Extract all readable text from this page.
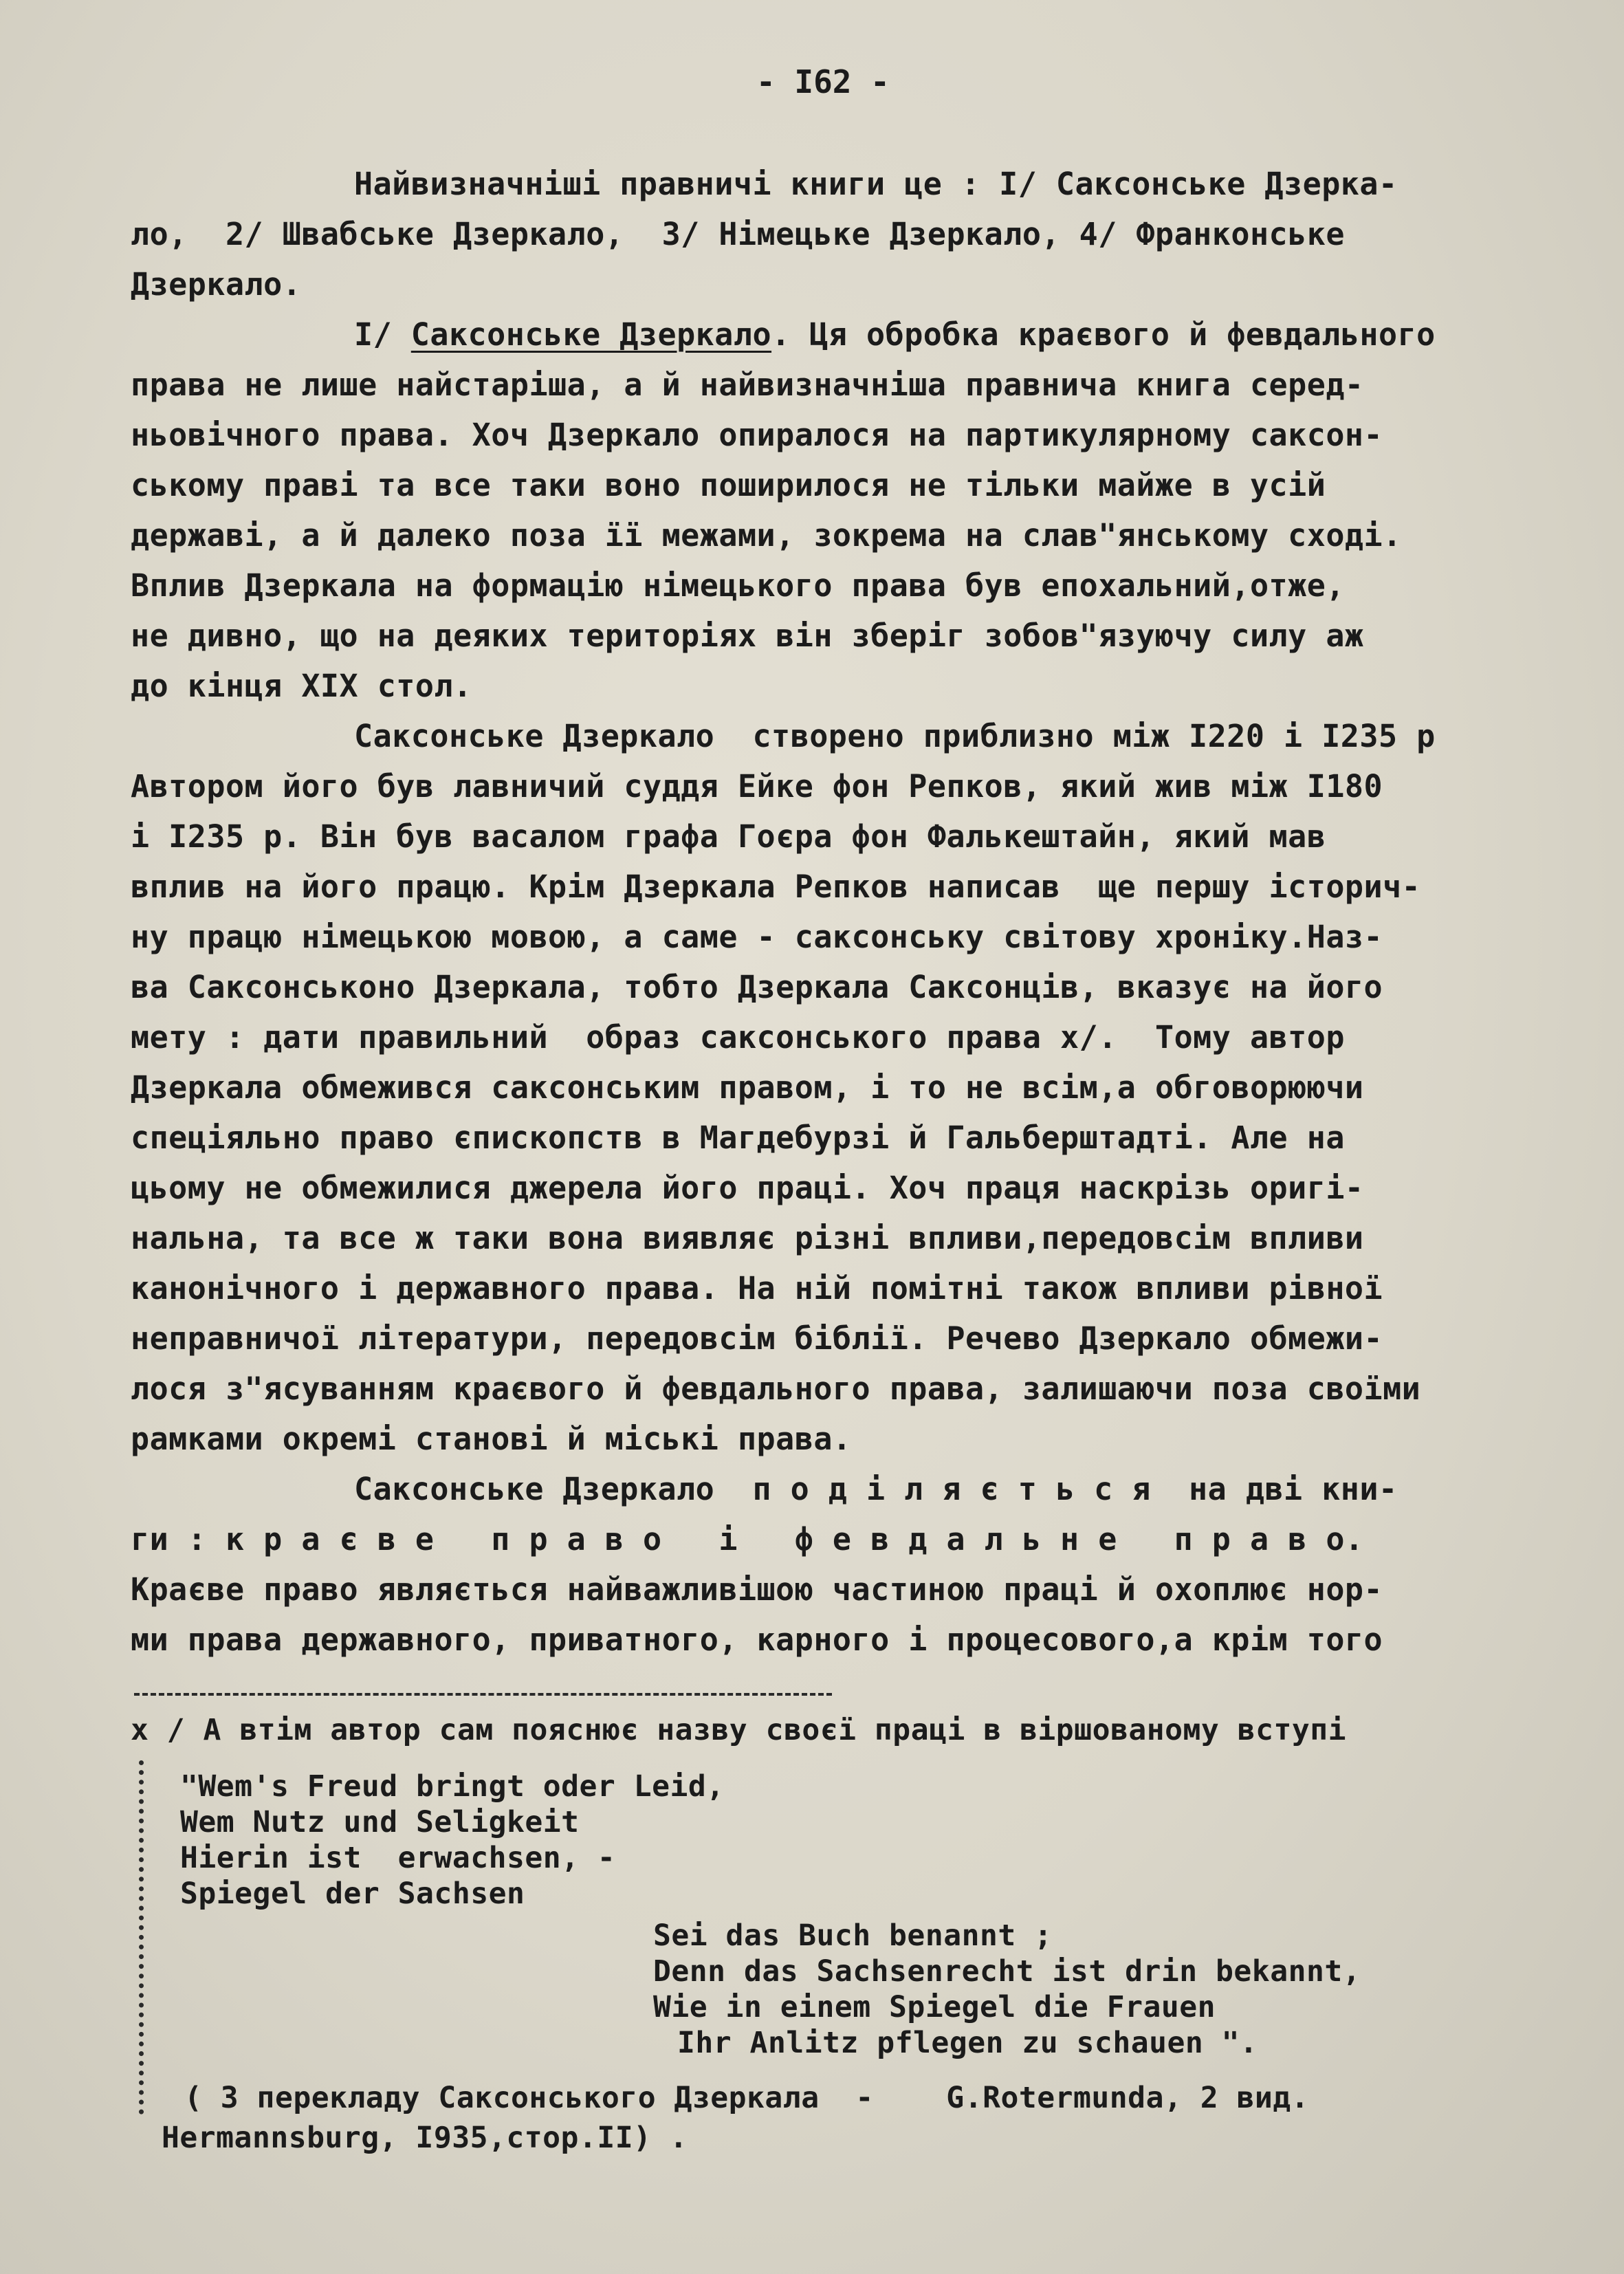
- I62 -
Найвизначніші правничі книги це : I/ Саксонське Дзерка-
ло,  2/ Швабське Дзеркало,  3/ Німецьке Дзеркало, 4/ Франконське
Дзеркало.
I/ Саксонське Дзеркало. Ця обробка краєвого й февдального
права не лише найстаріша, а й найвизначніша правнича книга серед-
ньовічного права. Хоч Дзеркало опиралося на партикулярному саксон-
ському праві та все таки воно поширилося не тільки майже в усій
державі, а й далеко поза її межами, зокрема на слав"янському сході.
Вплив Дзеркала на формацію німецького права був епохальний,отже,
не дивно, що на деяких територіях він зберіг зобов"язуючу силу аж
до кінця XIX стол.
Саксонське Дзеркало  створено приблизно між I220 і I235 р
Автором його був лавничий суддя Ейке фон Репков, який жив між I180
і I235 р. Він був васалом графа Гоєра фон Фалькештайн, який мав
вплив на його працю. Крім Дзеркала Репков написав  ще першу історич-
ну працю німецькою мовою, а саме - саксонську світову хроніку.Наз-
ва Саксонськоно Дзеркала, тобто Дзеркала Саксонців, вказує на його
мету : дати правильний  образ саксонського права x/.  Тому автор
Дзеркала обмежився саксонським правом, і то не всім,а обговорюючи
спеціяльно право єпископств в Магдебурзі й Гальберштадті. Але на
цьому не обмежилися джерела його праці. Хоч праця наскрізь оригі-
нальна, та все ж таки вона виявляє різні впливи,передовсім впливи
канонічного і державного права. На ній помітні також впливи рівної
неправничої літератури, передовсім біблії. Речево Дзеркало обмежи-
лося з"ясуванням краєвого й февдального права, залишаючи поза своїми
рамками окремі станові й міські права.
Саксонське Дзеркало  п о д і л я є т ь с я  на дві кни-
ги : к р а є в е   п р а в о   і   ф е в д а л ь н е   п р а в о.
Краєве право являється найважливішою частиною праці й охоплює нор-
ми права державного, приватного, карного і процесового,а крім того
x / А втім автор сам пояснює назву своєї праці в віршованому вступі
"Wem's Freud bringt oder Leid,
Wem Nutz und Seligkeit
Hierin ist  erwachsen, -
Spiegel der Sachsen
Sei das Buch benannt ;
Denn das Sachsenrecht ist drin bekannt,
Wie in einem Spiegel die Frauen
Ihr Anlitz pflegen zu schauen ".
( З перекладу Саксонського Дзеркала  -    G.Rotermunda, 2 вид.
Hermannsburg, I935,стор.II) .
